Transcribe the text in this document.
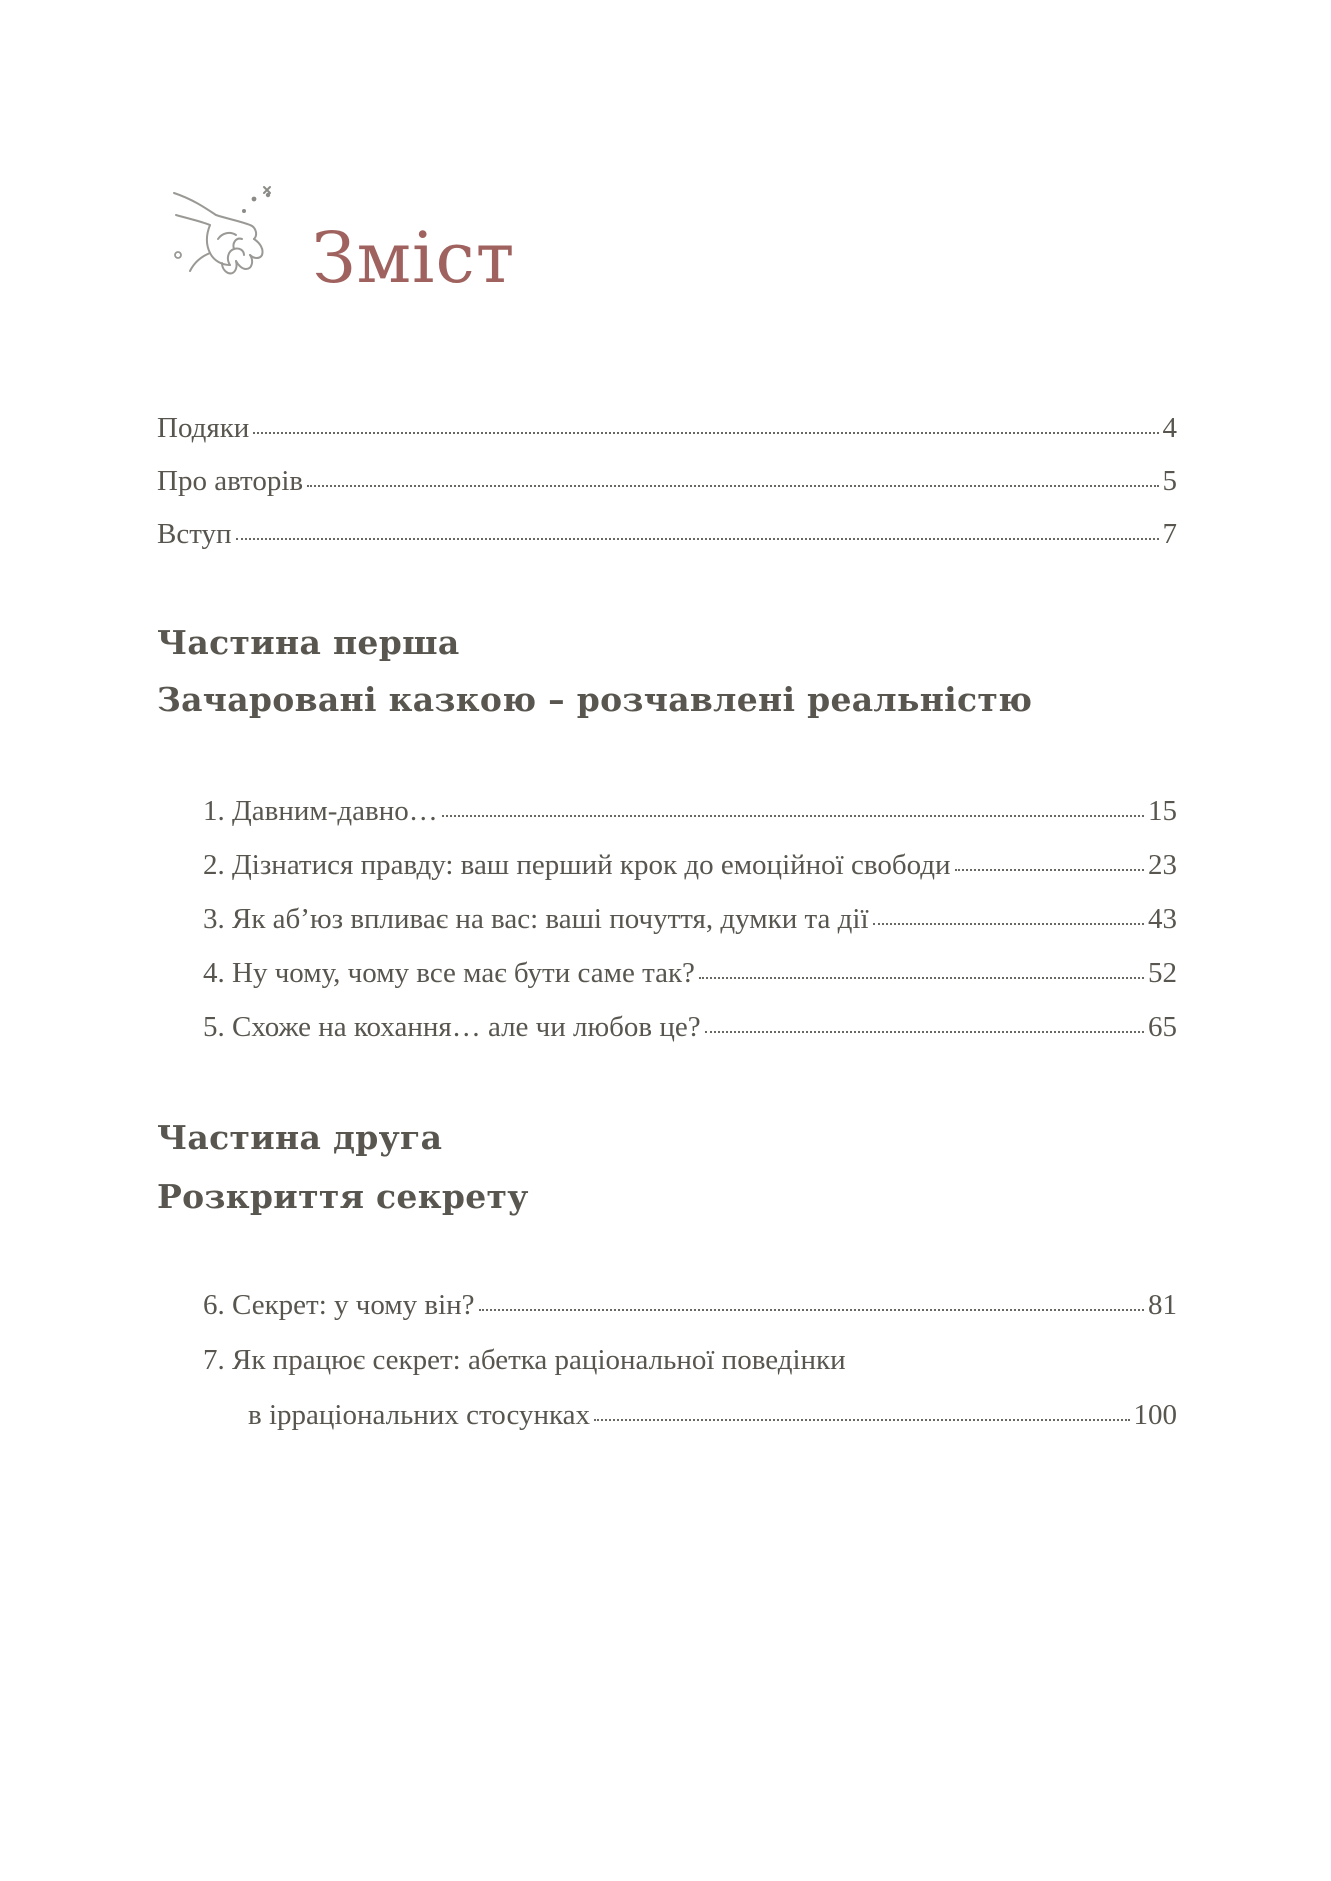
Зміст
Подяки	4
Про авторів	5
Вступ	7
Частина перша
Зачаровані казкою – розчавлені реальністю
1. Давним-давно…	15
2. Дізнатися правду: ваш перший крок до емоційної свободи	23
3. Як аб’юз впливає на вас: ваші почуття, думки та дії	43
4. Ну чому, чому все має бути саме так?	52
5. Схоже на кохання… але чи любов це?	65
Частина друга
Розкриття секрету
6. Секрет: у чому він?	81
7. Як працює секрет: абетка раціональної поведінки
в ірраціональних стосунках	100
